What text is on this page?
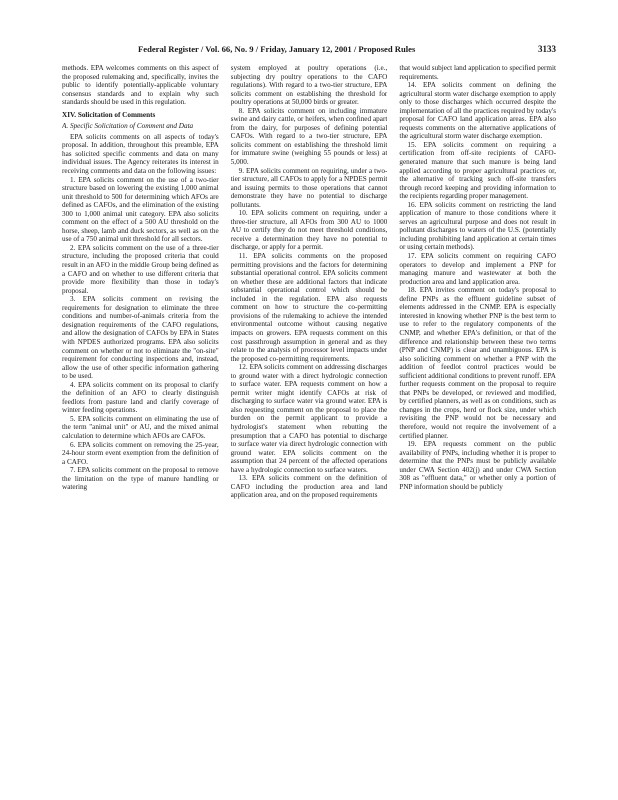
Federal Register / Vol. 66, No. 9 / Friday, January 12, 2001 / Proposed Rules	3133

methods. EPA welcomes comments on this aspect of the proposed rulemaking and, specifically, invites the public to identify potentially-applicable voluntary consensus standards and to explain why such standards should be used in this regulation.

XIV. Solicitation of Comments

A. Specific Solicitation of Comment and Data

EPA solicits comments on all aspects of today's proposal. In addition, throughout this preamble, EPA has solicited specific comments and data on many individual issues. The Agency reiterates its interest in receiving comments and data on the following issues:

1. EPA solicits comment on the use of a two-tier structure based on lowering the existing 1,000 animal unit threshold to 500 for determining which AFOs are defined as CAFOs, and the elimination of the existing 300 to 1,000 animal unit category. EPA also solicits comment on the effect of a 500 AU threshold on the horse, sheep, lamb and duck sectors, as well as on the use of a 750 animal unit threshold for all sectors.

2. EPA solicits comment on the use of a three-tier structure, including the proposed criteria that could result in an AFO in the middle Group being defined as a CAFO and on whether to use different criteria that provide more flexibility than those in today's proposal.

3. EPA solicits comment on revising the requirements for designation to eliminate the three conditions and number-of-animals criteria from the designation requirements of the CAFO regulations, and allow the designation of CAFOs by EPA in States with NPDES authorized programs. EPA also solicits comment on whether or not to eliminate the "on-site" requirement for conducting inspections and, instead, allow the use of other specific information gathering to be used.

4. EPA solicits comment on its proposal to clarify the definition of an AFO to clearly distinguish feedlots from pasture land and clarify coverage of winter feeding operations.

5. EPA solicits comment on eliminating the use of the term "animal unit" or AU, and the mixed animal calculation to determine which AFOs are CAFOs.

6. EPA solicits comment on removing the 25-year, 24-hour storm event exemption from the definition of a CAFO.

7. EPA solicits comment on the proposal to remove the limitation on the type of manure handling or watering

system employed at poultry operations (i.e., subjecting dry poultry operations to the CAFO regulations). With regard to a two-tier structure, EPA solicits comment on establishing the threshold for poultry operations at 50,000 birds or greater.

8. EPA solicits comment on including immature swine and dairy cattle, or heifers, when confined apart from the dairy, for purposes of defining potential CAFOs. With regard to a two-tier structure, EPA solicits comment on establishing the threshold limit for immature swine (weighing 55 pounds or less) at 5,000.

9. EPA solicits comment on requiring, under a two-tier structure, all CAFOs to apply for a NPDES permit and issuing permits to those operations that cannot demonstrate they have no potential to discharge pollutants.

10. EPA solicits comment on requiring, under a three-tier structure, all AFOs from 300 AU to 1000 AU to certify they do not meet threshold conditions, receive a determination they have no potential to discharge, or apply for a permit.

11. EPA solicits comments on the proposed permitting provisions and the factors for determining substantial operational control. EPA solicits comment on whether these are additional factors that indicate substantial operational control which should be included in the regulation. EPA also requests comment on how to structure the co-permitting provisions of the rulemaking to achieve the intended environmental outcome without causing negative impacts on growers. EPA requests comment on this cost passthrough assumption in general and as they relate to the analysis of processor level impacts under the proposed co-permitting requirements.

12. EPA solicits comment on addressing discharges to ground water with a direct hydrologic connection to surface water. EPA requests comment on how a permit writer might identify CAFOs at risk of discharging to surface water via ground water. EPA is also requesting comment on the proposal to place the burden on the permit applicant to provide a hydrologist's statement when rebutting the presumption that a CAFO has potential to discharge to surface water via direct hydrologic connection with ground water. EPA solicits comment on the assumption that 24 percent of the affected operations have a hydrologic connection to surface waters.

13. EPA solicits comment on the definition of CAFO including the production area and land application area, and on the proposed requirements

that would subject land application to specified permit requirements.

14. EPA solicits comment on defining the agricultural storm water discharge exemption to apply only to those discharges which occurred despite the implementation of all the practices required by today's proposal for CAFO land application areas. EPA also requests comments on the alternative applications of the agricultural storm water discharge exemption.

15. EPA solicits comment on requiring a certification from off-site recipients of CAFO-generated manure that such manure is being land applied according to proper agricultural practices or, the alternative of tracking such off-site transfers through record keeping and providing information to the recipients regarding proper management.

16. EPA solicits comment on restricting the land application of manure to those conditions where it serves an agricultural purpose and does not result in pollutant discharges to waters of the U.S. (potentially including prohibiting land application at certain times or using certain methods).

17. EPA solicits comment on requiring CAFO operators to develop and implement a PNP for managing manure and wastewater at both the production area and land application area.

18. EPA invites comment on today's proposal to define PNPs as the effluent guideline subset of elements addressed in the CNMP. EPA is especially interested in knowing whether PNP is the best term to use to refer to the regulatory components of the CNMP, and whether EPA's definition, or that of the difference and relationship between these two terms (PNP and CNMP) is clear and unambiguous. EPA is also soliciting comment on whether a PNP with the addition of feedlot control practices would be sufficient additional conditions to prevent runoff. EPA further requests comment on the proposal to require that PNPs be developed, or reviewed and modified, by certified planners, as well as on conditions, such as changes in the crops, herd or flock size, under which revisiting the PNP would not be necessary and therefore, would not require the involvement of a certified planner.

19. EPA requests comment on the public availability of PNPs, including whether it is proper to determine that the PNPs must be publicly available under CWA Section 402(j) and under CWA Section 308 as "effluent data," or whether only a portion of PNP information should be publicly
